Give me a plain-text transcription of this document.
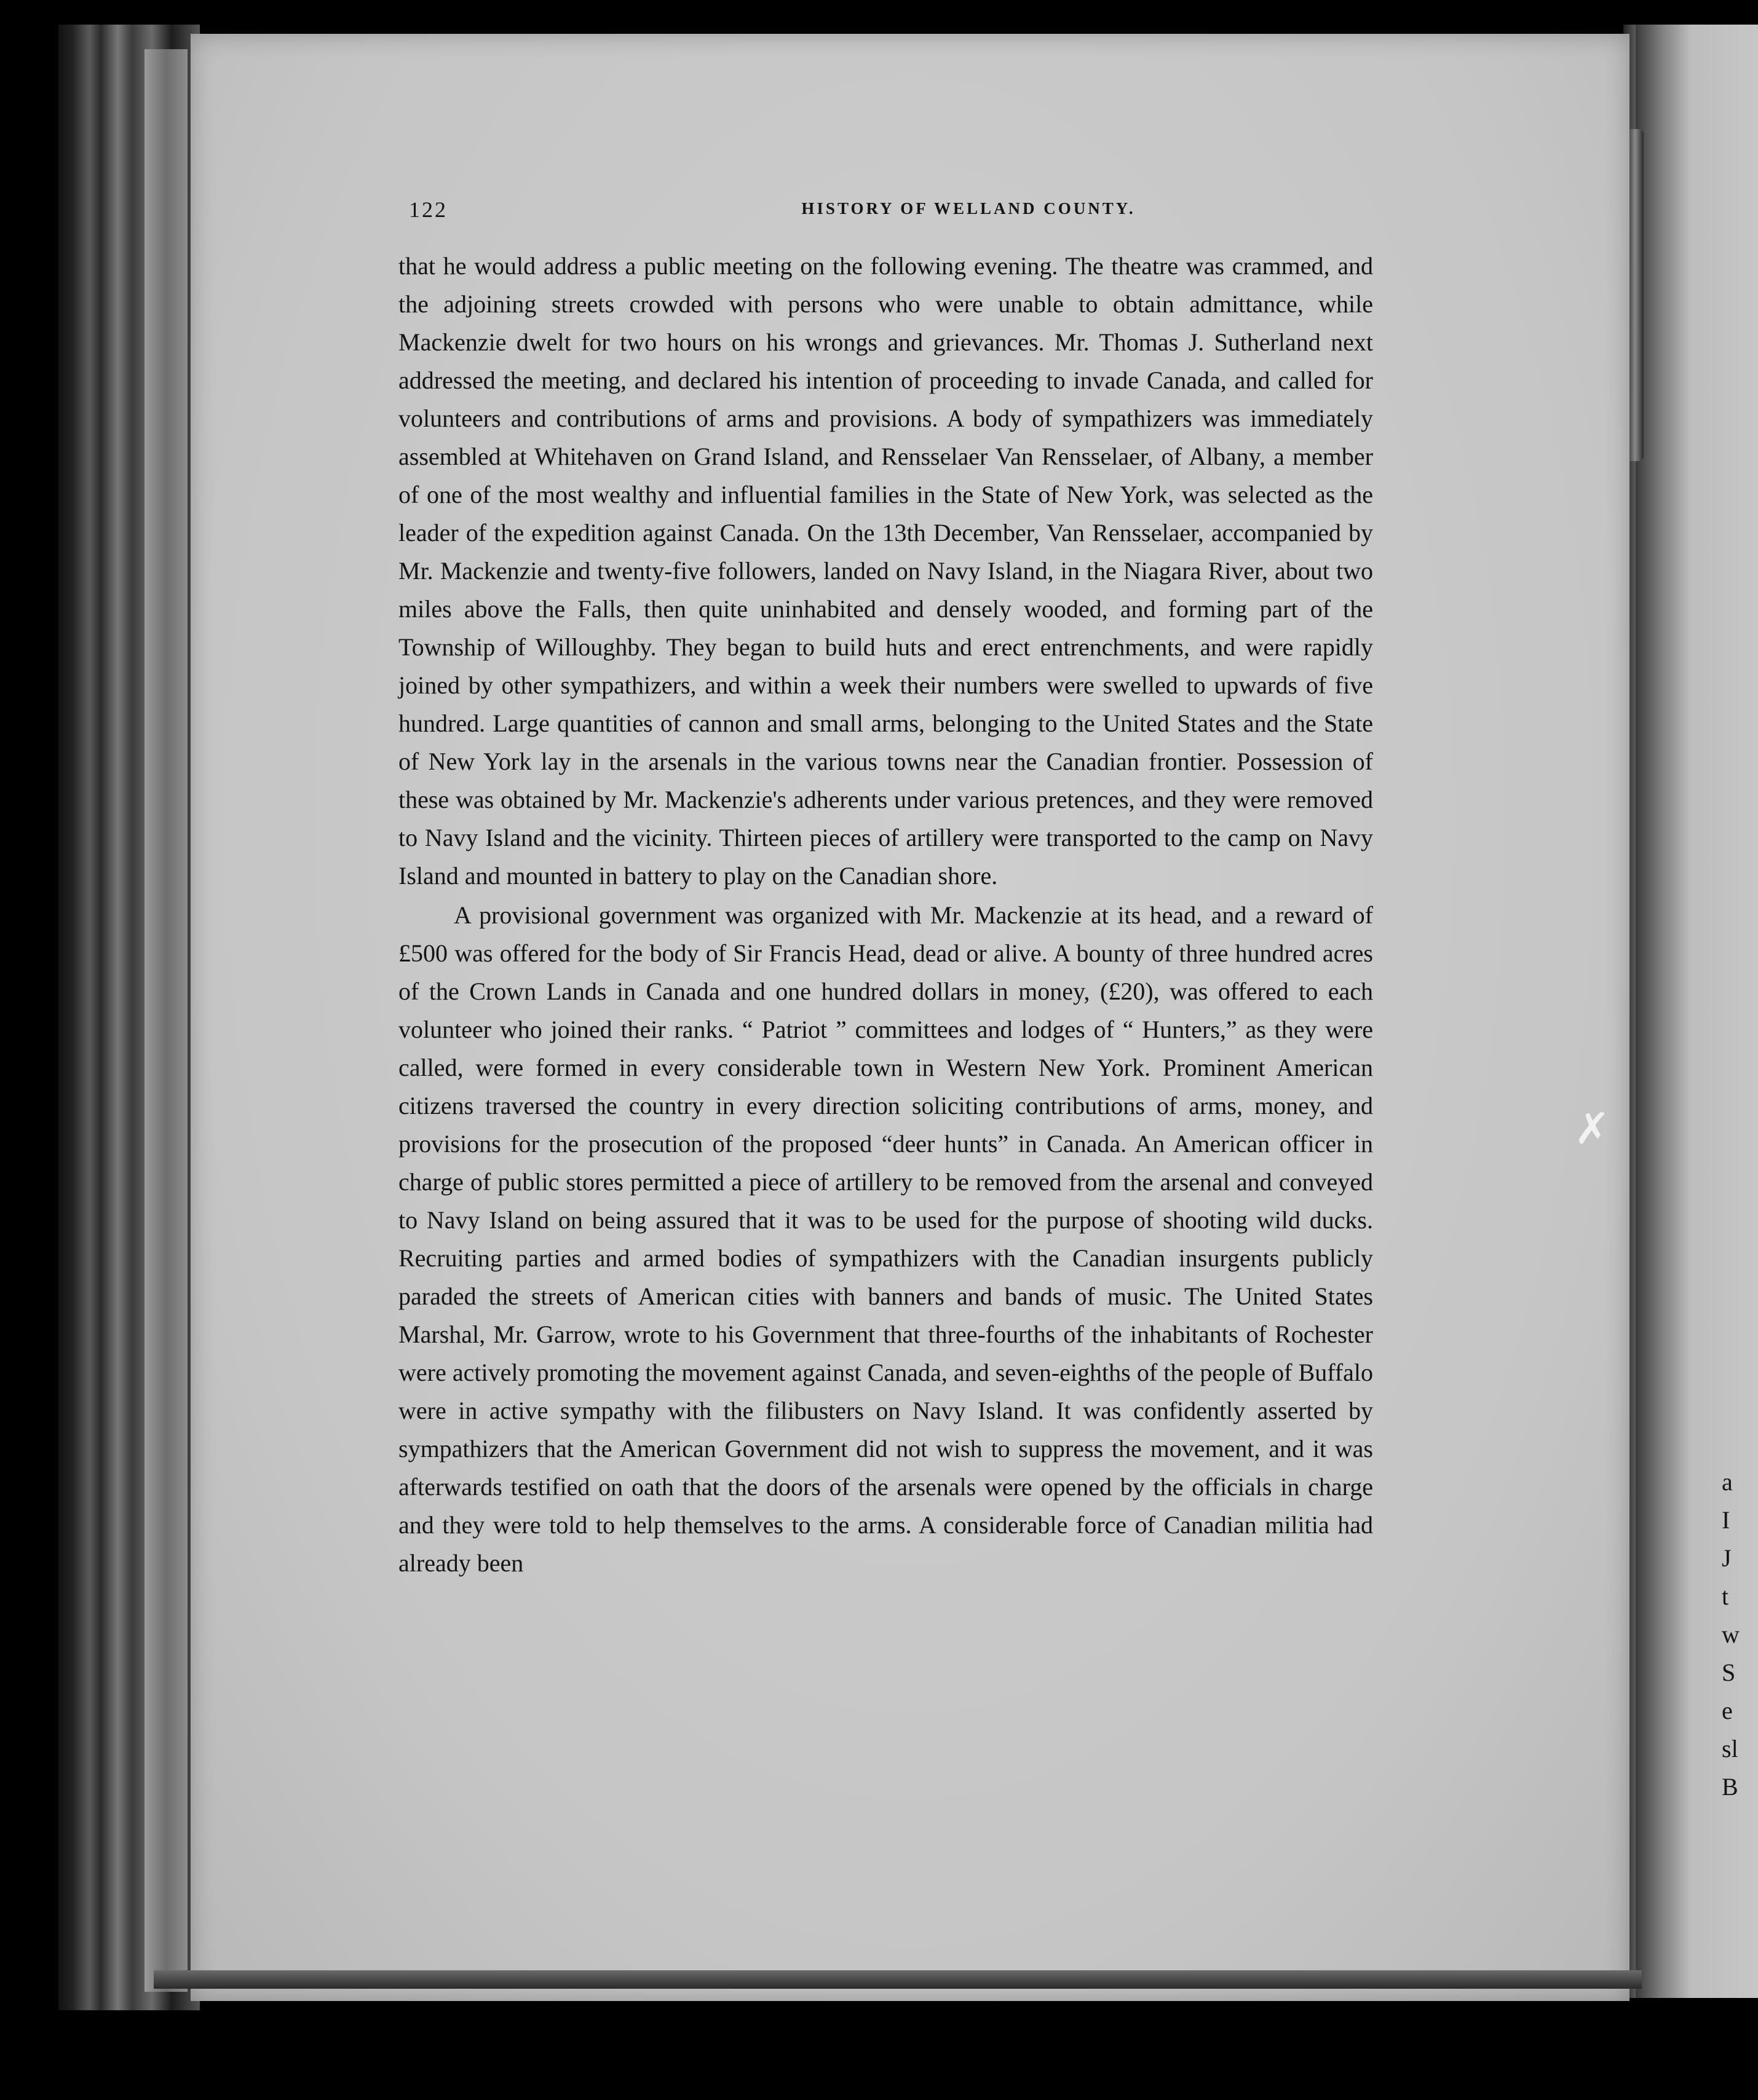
122	HISTORY OF WELLAND COUNTY.

that he would address a public meeting on the following evening. The theatre was crammed, and the adjoining streets crowded with persons who were unable to obtain admittance, while Mackenzie dwelt for two hours on his wrongs and grievances. Mr. Thomas J. Sutherland next addressed the meeting, and declared his intention of proceeding to invade Canada, and called for volunteers and contributions of arms and provisions. A body of sympathizers was immediately assembled at Whitehaven on Grand Island, and Rensselaer Van Rensselaer, of Albany, a member of one of the most wealthy and influential families in the State of New York, was selected as the leader of the expedition against Canada. On the 13th December, Van Rensselaer, accompanied by Mr. Mackenzie and twenty-five followers, landed on Navy Island, in the Niagara River, about two miles above the Falls, then quite uninhabited and densely wooded, and forming part of the Township of Willoughby. They began to build huts and erect entrenchments, and were rapidly joined by other sympathizers, and within a week their numbers were swelled to upwards of five hundred. Large quantities of cannon and small arms, belonging to the United States and the State of New York lay in the arsenals in the various towns near the Canadian frontier. Possession of these was obtained by Mr. Mackenzie's adherents under various pretences, and they were removed to Navy Island and the vicinity. Thirteen pieces of artillery were transported to the camp on Navy Island and mounted in battery to play on the Canadian shore.

A provisional government was organized with Mr. Mackenzie at its head, and a reward of £500 was offered for the body of Sir Francis Head, dead or alive. A bounty of three hundred acres of the Crown Lands in Canada and one hundred dollars in money, (£20), was offered to each volunteer who joined their ranks. “ Patriot ” committees and lodges of “ Hunters,” as they were called, were formed in every considerable town in Western New York. Prominent American citizens traversed the country in every direction soliciting contributions of arms, money, and provisions for the prosecution of the proposed “deer hunts” in Canada. An American officer in charge of public stores permitted a piece of artillery to be removed from the arsenal and conveyed to Navy Island on being assured that it was to be used for the purpose of shooting wild ducks. Recruiting parties and armed bodies of sympathizers with the Canadian insurgents publicly paraded the streets of American cities with banners and bands of music. The United States Marshal, Mr. Garrow, wrote to his Government that three-fourths of the inhabitants of Rochester were actively promoting the movement against Canada, and seven-eighths of the people of Buffalo were in active sympathy with the filibusters on Navy Island. It was confidently asserted by sympathizers that the American Government did not wish to suppress the movement, and it was afterwards testified on oath that the doors of the arsenals were opened by the officials in charge and they were told to help themselves to the arms. A considerable force of Canadian militia had already been

✗
a
I
J
t
w
S
e
sl
B
